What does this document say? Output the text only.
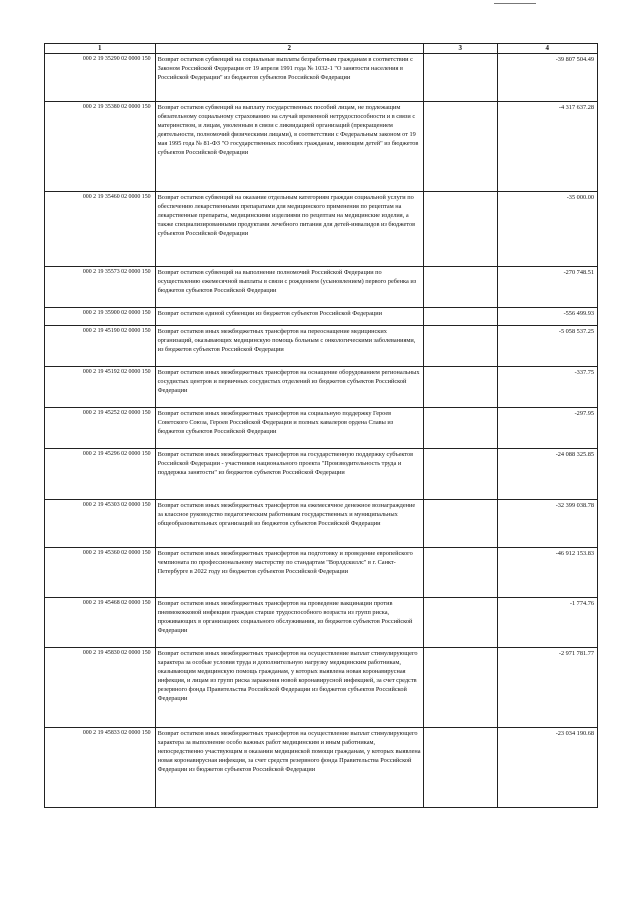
1	2	3	4
000 2 19 35290 02 0000 150	Возврат остатков субвенций на социальные выплаты безработным гражданам в соответствии с Законом Российской Федерации от 19 апреля 1991 года № 1032-1 "О занятости населения в Российской Федерации" из бюджетов субъектов Российской Федерации		-39 807 504.49
000 2 19 35380 02 0000 150	Возврат остатков субвенций на выплату государственных пособий лицам, не подлежащим обязательному социальному страхованию на случай временной нетрудоспособности и в связи с материнством, и лицам, уволенным в связи с ликвидацией организаций (прекращением деятельности, полномочий физическими лицами), в соответствии с Федеральным законом от 19 мая 1995 года № 81-ФЗ "О государственных пособиях гражданам, имеющим детей" из бюджетов субъектов Российской Федерации		-4 317 637.28
000 2 19 35460 02 0000 150	Возврат остатков субвенций на оказание отдельным категориям граждан социальной услуги по обеспечению лекарственными препаратами для медицинского применения по рецептам на лекарственные препараты, медицинскими изделиями по рецептам на медицинские изделия, а также специализированными продуктами лечебного питания для детей-инвалидов из бюджетов субъектов Российской Федерации		-35 000.00
000 2 19 35573 02 0000 150	Возврат остатков субвенций на выполнение полномочий Российской Федерации по осуществлению ежемесячной выплаты в связи с рождением (усыновлением) первого ребенка из бюджетов субъектов Российской Федерации		-270 748.51
000 2 19 35900 02 0000 150	Возврат остатков единой субвенции из бюджетов субъектов Российской Федерации		-556 499.93
000 2 19 45190 02 0000 150	Возврат остатков иных межбюджетных трансфертов на переоснащение медицинских организаций, оказывающих медицинскую помощь больным с онкологическими заболеваниями, из бюджетов субъектов Российской Федерации		-5 058 537.25
000 2 19 45192 02 0000 150	Возврат остатков иных межбюджетных трансфертов на оснащение оборудованием региональных сосудистых центров и первичных сосудистых отделений из бюджетов субъектов Российской Федерации		-337.75
000 2 19 45252 02 0000 150	Возврат остатков иных межбюджетных трансфертов на социальную поддержку Героев Советского Союза, Героев Российской Федерации и полных кавалеров ордена Славы из бюджетов субъектов Российской Федерации		-297.95
000 2 19 45296 02 0000 150	Возврат остатков иных межбюджетных трансфертов на государственную поддержку субъектов Российской Федерации - участников национального проекта "Производительность труда и поддержка занятости" из бюджетов субъектов Российской Федерации		-24 088 325.85
000 2 19 45303 02 0000 150	Возврат остатков иных межбюджетных трансфертов на ежемесячное денежное вознаграждение за классное руководство педагогическим работникам государственных и муниципальных общеобразовательных организаций из бюджетов субъектов Российской Федерации		-32 399 038.78
000 2 19 45360 02 0000 150	Возврат остатков иных межбюджетных трансфертов на подготовку и проведение европейского чемпионата по профессиональному мастерству по стандартам "Ворлдскиллс" в г. Санкт-Петербурге в 2022 году из бюджетов субъектов Российской Федерации		-46 912 153.83
000 2 19 45468 02 0000 150	Возврат остатков иных межбюджетных трансфертов на проведение вакцинации против пневмококковой инфекции граждан старше трудоспособного возраста из групп риска, проживающих в организациях социального обслуживания, из бюджетов субъектов Российской Федерации		-1 774.76
000 2 19 45830 02 0000 150	Возврат остатков иных межбюджетных трансфертов на осуществление выплат стимулирующего характера за особые условия труда и дополнительную нагрузку медицинским работникам, оказывающим медицинскую помощь гражданам, у которых выявлена новая коронавирусная инфекция, и лицам из групп риска заражения новой коронавирусной инфекцией, за счет средств резервного фонда Правительства Российской Федерации из бюджетов субъектов Российской Федерации		-2 971 781.77
000 2 19 45833 02 0000 150	Возврат остатков иных межбюджетных трансфертов на осуществление выплат стимулирующего характера за выполнение особо важных работ медицинским и иным работникам, непосредственно участвующим в оказании медицинской помощи гражданам, у которых выявлена новая коронавирусная инфекция, за счет средств резервного фонда Правительства Российской Федерации из бюджетов субъектов Российской Федерации		-23 034 190.68
